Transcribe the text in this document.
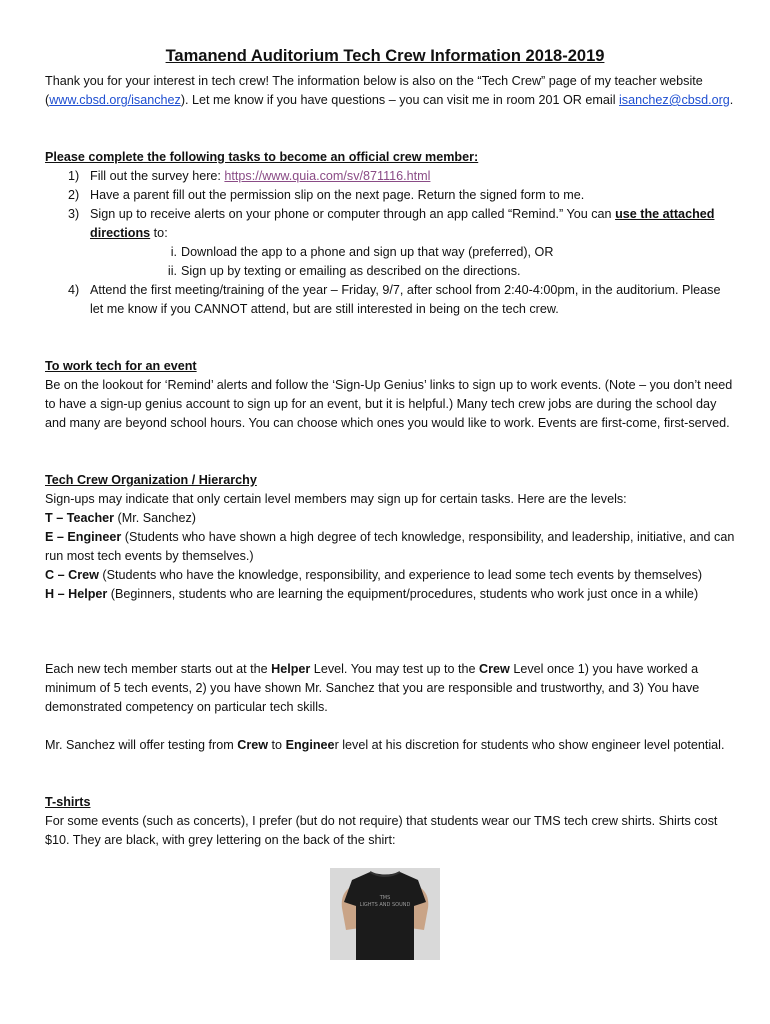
Tamanend Auditorium Tech Crew Information 2018-2019

Thank you for your interest in tech crew! The information below is also on the “Tech Crew” page of my teacher website (www.cbsd.org/isanchez). Let me know if you have questions – you can visit me in room 201 OR email isanchez@cbsd.org.

Please complete the following tasks to become an official crew member:

1) Fill out the survey here: https://www.quia.com/sv/871116.html
2) Have a parent fill out the permission slip on the next page. Return the signed form to me.
3) Sign up to receive alerts on your phone or computer through an app called “Remind.” You can use the attached directions to:
i. Download the app to a phone and sign up that way (preferred), OR
ii. Sign up by texting or emailing as described on the directions.
4) Attend the first meeting/training of the year – Friday, 9/7, after school from 2:40-4:00pm, in the auditorium. Please let me know if you CANNOT attend, but are still interested in being on the tech crew.

To work tech for an event

Be on the lookout for ‘Remind’ alerts and follow the ‘Sign-Up Genius’ links to sign up to work events. (Note – you don’t need to have a sign-up genius account to sign up for an event, but it is helpful.) Many tech crew jobs are during the school day and many are beyond school hours. You can choose which ones you would like to work. Events are first-come, first-served.

Tech Crew Organization / Hierarchy

Sign-ups may indicate that only certain level members may sign up for certain tasks. Here are the levels:

T – Teacher (Mr. Sanchez)

E – Engineer (Students who have shown a high degree of tech knowledge, responsibility, and leadership, initiative, and can run most tech events by themselves.)

C – Crew (Students who have the knowledge, responsibility, and experience to lead some tech events by themselves)

H – Helper (Beginners, students who are learning the equipment/procedures, students who work just once in a while)

Each new tech member starts out at the Helper Level. You may test up to the Crew Level once 1) you have worked a minimum of 5 tech events, 2) you have shown Mr. Sanchez that you are responsible and trustworthy, and 3) You have demonstrated competency on particular tech skills.

Mr. Sanchez will offer testing from Crew to Engineer level at his discretion for students who show engineer level potential.

T-shirts

For some events (such as concerts), I prefer (but do not require) that students wear our TMS tech crew shirts. Shirts cost $10. They are black, with grey lettering on the back of the shirt:

TMS
LIGHTS AND SOUND
